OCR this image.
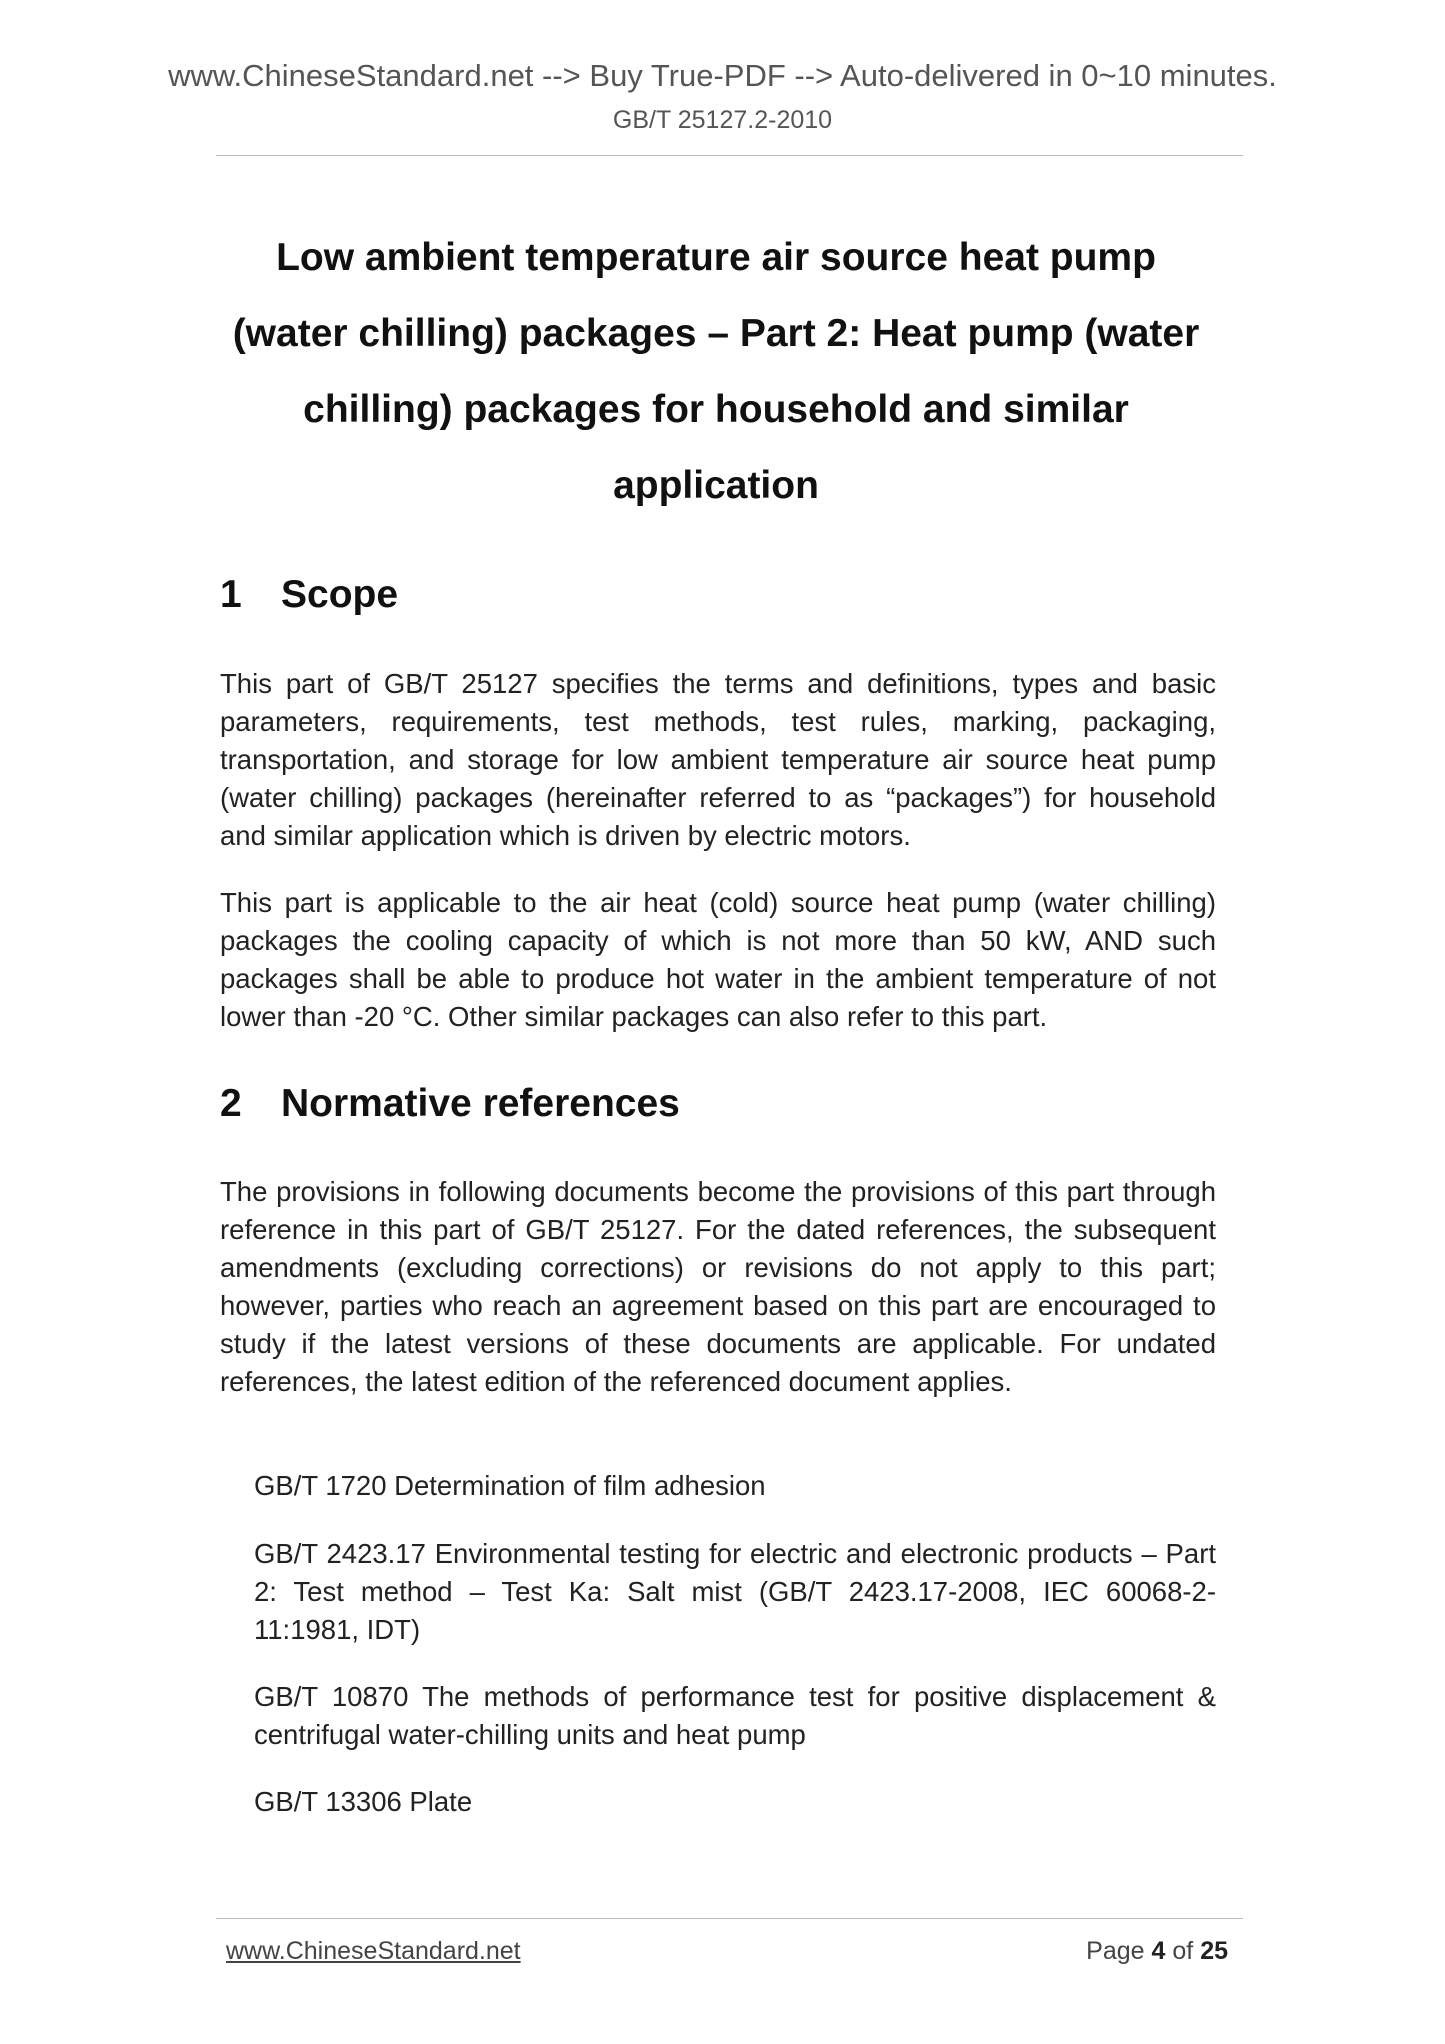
www.ChineseStandard.net --> Buy True-PDF --> Auto-delivered in 0~10 minutes.
GB/T 25127.2-2010
Low ambient temperature air source heat pump (water chilling) packages – Part 2: Heat pump (water chilling) packages for household and similar application
1 Scope

This part of GB/T 25127 specifies the terms and definitions, types and basic parameters, requirements, test methods, test rules, marking, packaging, transportation, and storage for low ambient temperature air source heat pump (water chilling) packages (hereinafter referred to as “packages”) for household and similar application which is driven by electric motors.

This part is applicable to the air heat (cold) source heat pump (water chilling) packages the cooling capacity of which is not more than 50 kW, AND such packages shall be able to produce hot water in the ambient temperature of not lower than -20 °C. Other similar packages can also refer to this part.

2 Normative references

The provisions in following documents become the provisions of this part through reference in this part of GB/T 25127. For the dated references, the subsequent amendments (excluding corrections) or revisions do not apply to this part; however, parties who reach an agreement based on this part are encouraged to study if the latest versions of these documents are applicable. For undated references, the latest edition of the referenced document applies.

GB/T 1720 Determination of film adhesion

GB/T 2423.17 Environmental testing for electric and electronic products – Part 2: Test method – Test Ka: Salt mist (GB/T 2423.17-2008, IEC 60068-2-11:1981, IDT)

GB/T 10870 The methods of performance test for positive displacement & centrifugal water-chilling units and heat pump

GB/T 13306 Plate

www.ChineseStandard.net	Page 4 of 25
